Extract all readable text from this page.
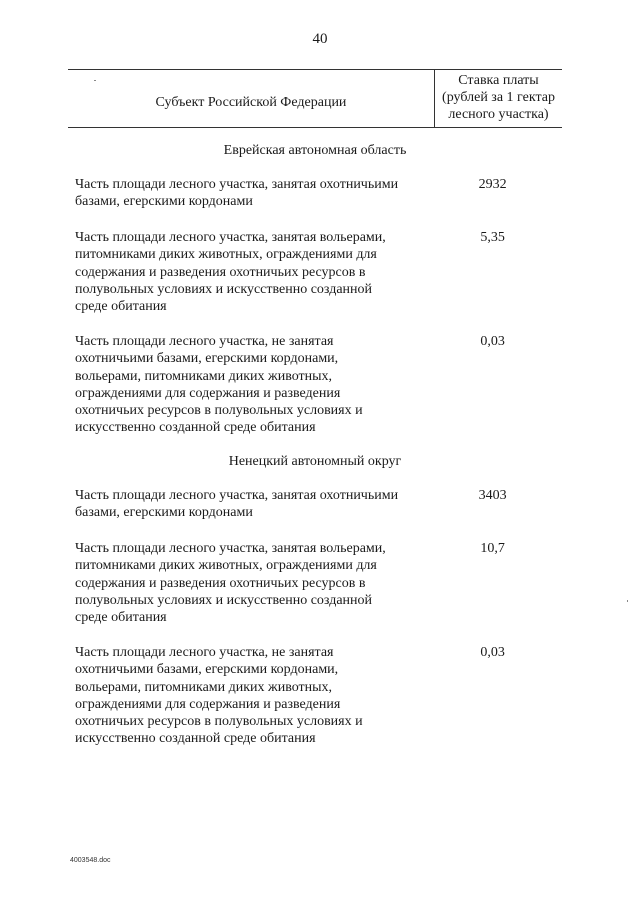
40
Субъект Российской Федерации
Ставка платы
(рублей за 1 гектар
лесного участка)
Еврейская автономная область
Часть площади лесного участка, занятая охотничьими
базами, егерскими кордонами
2932
Часть площади лесного участка, занятая вольерами,
питомниками диких животных, ограждениями для
содержания и разведения охотничьих ресурсов в
полувольных условиях и искусственно созданной
среде обитания
5,35
Часть площади лесного участка, не занятая
охотничьими базами, егерскими кордонами,
вольерами, питомниками диких животных,
ограждениями для содержания и разведения
охотничьих ресурсов в полувольных условиях и
искусственно созданной среде обитания
0,03
Ненецкий автономный округ
Часть площади лесного участка, занятая охотничьими
базами, егерскими кордонами
3403
Часть площади лесного участка, занятая вольерами,
питомниками диких животных, ограждениями для
содержания и разведения охотничьих ресурсов в
полувольных условиях и искусственно созданной
среде обитания
10,7
Часть площади лесного участка, не занятая
охотничьими базами, егерскими кордонами,
вольерами, питомниками диких животных,
ограждениями для содержания и разведения
охотничьих ресурсов в полувольных условиях и
искусственно созданной среде обитания
0,03
4003548.doc
